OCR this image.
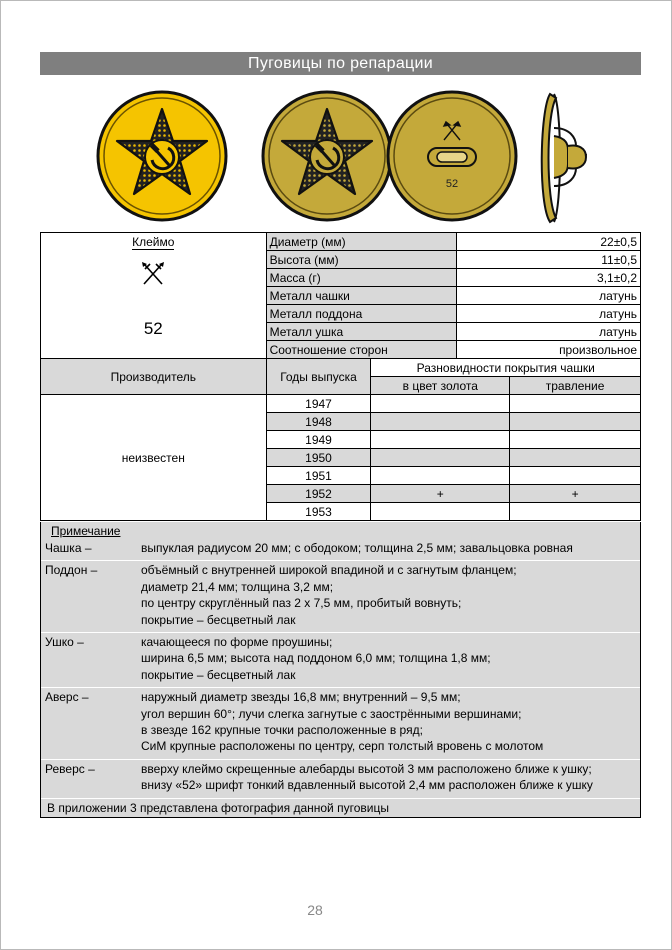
Пуговицы по репарации
52
Клеймо
52	Диаметр (мм)		22±0,5	
	Высота (мм)		11±0,5	
	Масса (г)		3,1±0,2	
	Металл чашки		латунь	
	Металл поддона		латунь	
	Металл ушка		латунь	
	Соотношение сторон		произвольное	
Производитель	Годы выпуска	Разновидности покрытия чашки		
		в цвет золота		травление
неизвестен	1947			
	1948			
	1949			
	1950			
	1951			
	1952	+		+
	1953			
Примечание
Чашка –	выпуклая радиусом 20 мм; с ободоком; толщина 2,5 мм; завальцовка ровная
Поддон –	объёмный с внутренней широкой впадиной и с загнутым фланцем;
диаметр 21,4 мм; толщина 3,2 мм;
по центру скруглённый паз 2 х 7,5 мм, пробитый вовнуть;
покрытие – бесцветный лак
Ушко –	качающееся по форме проушины;
ширина 6,5 мм; высота над поддоном 6,0 мм; толщина 1,8 мм;
покрытие – бесцветный лак
Аверс –	наружный диаметр звезды 16,8 мм; внутренний – 9,5 мм;
угол вершин 60°; лучи слегка загнутые с заострёнными вершинами;
в звезде 162 крупные точки расположенные в ряд;
СиМ крупные расположены по центру, серп толстый вровень с молотом
Реверс –	вверху клеймо скрещенные алебарды высотой 3 мм расположено ближе к ушку;
внизу «52» шрифт тонкий вдавленный высотой 2,4 мм расположен ближе к ушку
В приложении 3 представлена фотография данной пуговицы
28
